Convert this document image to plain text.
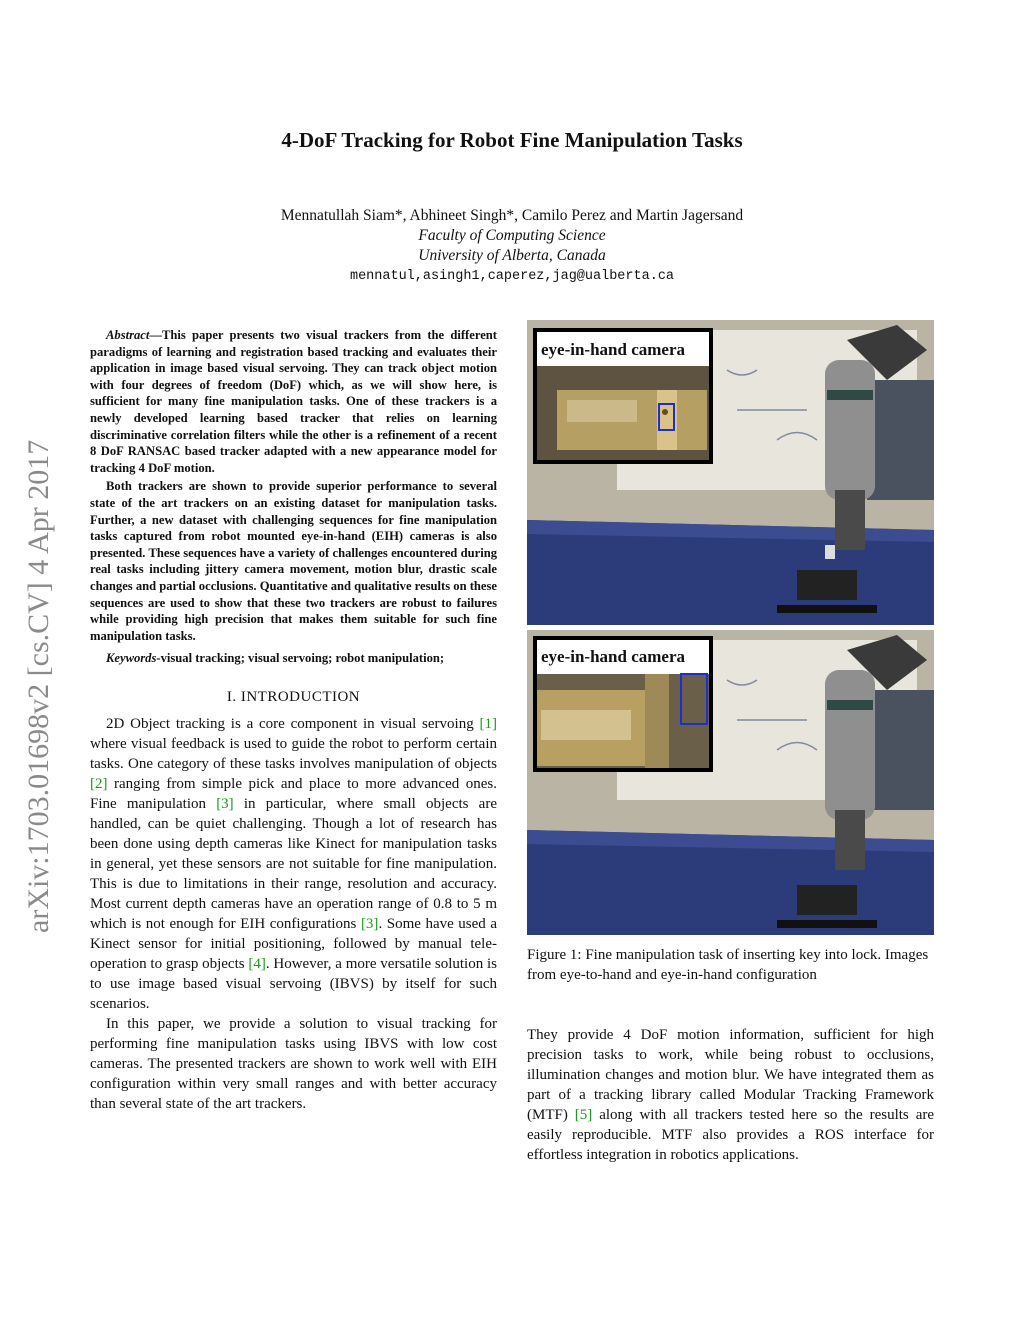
arXiv:1703.01698v2 [cs.CV] 4 Apr 2017
4-DoF Tracking for Robot Fine Manipulation Tasks
Mennatullah Siam*, Abhineet Singh*, Camilo Perez and Martin Jagersand
Faculty of Computing Science
University of Alberta, Canada
mennatul,asingh1,caperez,jag@ualberta.ca

Abstract—This paper presents two visual trackers from the different paradigms of learning and registration based tracking and evaluates their application in image based visual servoing. They can track object motion with four degrees of freedom (DoF) which, as we will show here, is sufficient for many fine manipulation tasks. One of these trackers is a newly developed learning based tracker that relies on learning discriminative correlation filters while the other is a refinement of a recent 8 DoF RANSAC based tracker adapted with a new appearance model for tracking 4 DoF motion.

Both trackers are shown to provide superior performance to several state of the art trackers on an existing dataset for manipulation tasks. Further, a new dataset with challenging sequences for fine manipulation tasks captured from robot mounted eye-in-hand (EIH) cameras is also presented. These sequences have a variety of challenges encountered during real tasks including jittery camera movement, motion blur, drastic scale changes and partial occlusions. Quantitative and qualitative results on these sequences are used to show that these two trackers are robust to failures while providing high precision that makes them suitable for such fine manipulation tasks.

Keywords-visual tracking; visual servoing; robot manipulation;

I. INTRODUCTION

2D Object tracking is a core component in visual servoing [1] where visual feedback is used to guide the robot to perform certain tasks. One category of these tasks involves manipulation of objects [2] ranging from simple pick and place to more advanced ones. Fine manipulation [3] in particular, where small objects are handled, can be quiet challenging. Though a lot of research has been done using depth cameras like Kinect for manipulation tasks in general, yet these sensors are not suitable for fine manipulation. This is due to limitations in their range, resolution and accuracy. Most current depth cameras have an operation range of 0.8 to 5 m which is not enough for EIH configurations [3]. Some have used a Kinect sensor for initial positioning, followed by manual tele-operation to grasp objects [4]. However, a more versatile solution is to use image based visual servoing (IBVS) by itself for such scenarios.

In this paper, we provide a solution to visual tracking for performing fine manipulation tasks using IBVS with low cost cameras. The presented trackers are shown to work well with EIH configuration within very small ranges and with better accuracy than several state of the art trackers.

eye-in-hand camera
eye-in-hand camera
Figure 1: Fine manipulation task of inserting key into lock. Images from eye-to-hand and eye-in-hand configuration

They provide 4 DoF motion information, sufficient for high precision tasks to work, while being robust to occlusions, illumination changes and motion blur. We have integrated them as part of a tracking library called Modular Tracking Framework (MTF) [5] along with all trackers tested here so the results are easily reproducible. MTF also provides a ROS interface for effortless integration in robotics applications.
